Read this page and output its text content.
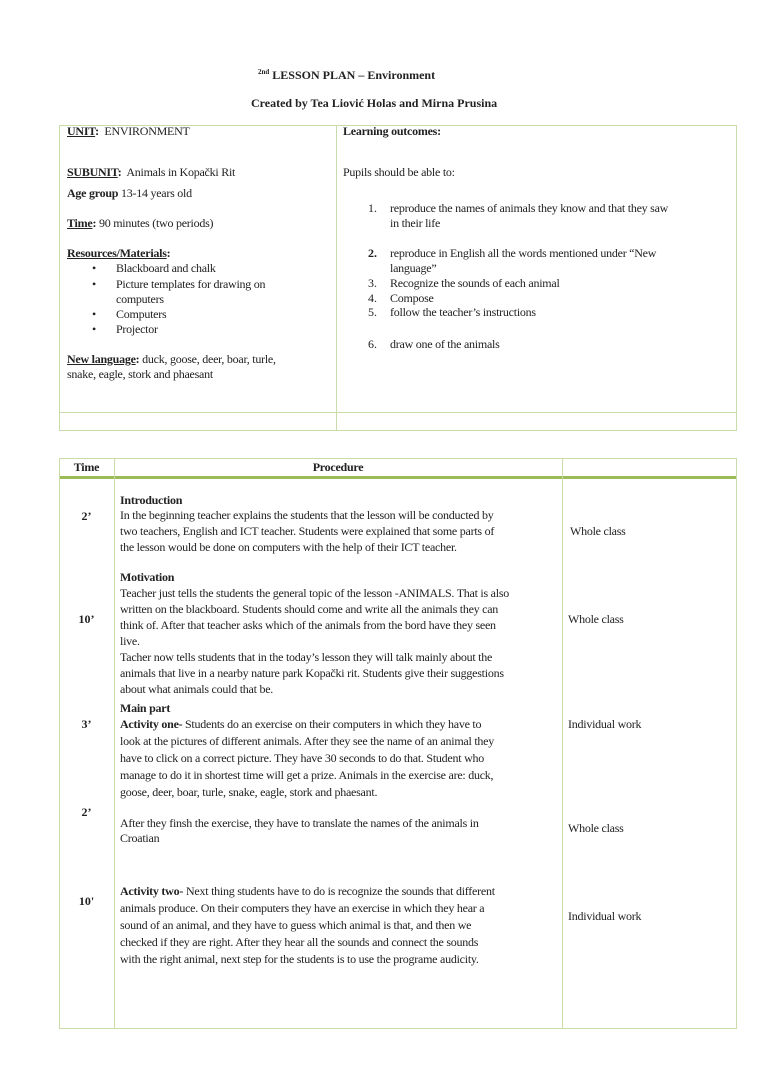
$^{2nd}$ LESSON PLAN – Environment
Created by Tea Liović Holas and Mirna Prusina
UNIT: ENVIRONMENT
SUBUNIT: Animals in Kopački Rit
Age group 13-14 years old
Time: 90 minutes (two periods)
Resources/Materials:
• Blackboard and chalk
• Picture templates for drawing on
computers
• Computers
• Projector
New language: duck, goose, deer, boar, turle,
snake, eagle, stork and phaesant
Learning outcomes:
Pupils should be able to:
1. reproduce the names of animals they know and that they saw
in their life
2. reproduce in English all the words mentioned under “New
language”
3. Recognize the sounds of each animal
4. Compose
5. follow the teacher’s instructions
6. draw one of the animals
Time	Procedure
2’
10’
3’
2’
10'
Whole class
Whole class
Individual work
Whole class
Individual work
Introduction
In the beginning teacher explains the students that the lesson will be conducted by
two teachers, English and ICT teacher. Students were explained that some parts of
the lesson would be done on computers with the help of their ICT teacher.
Motivation
Teacher just tells the students the general topic of the lesson -ANIMALS. That is also
written on the blackboard. Students should come and write all the animals they can
think of. After that teacher asks which of the animals from the bord have they seen
live.
Tacher now tells students that in the today’s lesson they will talk mainly about the
animals that live in a nearby nature park Kopački rit. Students give their suggestions
about what animals could that be.
Main part
Activity one- Students do an exercise on their computers in which they have to
look at the pictures of different animals. After they see the name of an animal they
have to click on a correct picture. They have 30 seconds to do that. Student who
manage to do it in shortest time will get a prize. Animals in the exercise are: duck,
goose, deer, boar, turle, snake, eagle, stork and phaesant.
After they finsh the exercise, they have to translate the names of the animals in
Croatian
Activity two- Next thing students have to do is recognize the sounds that different
animals produce. On their computers they have an exercise in which they hear a
sound of an animal, and they have to guess which animal is that, and then we
checked if they are right. After they hear all the sounds and connect the sounds
with the right animal, next step for the students is to use the programe audicity.
